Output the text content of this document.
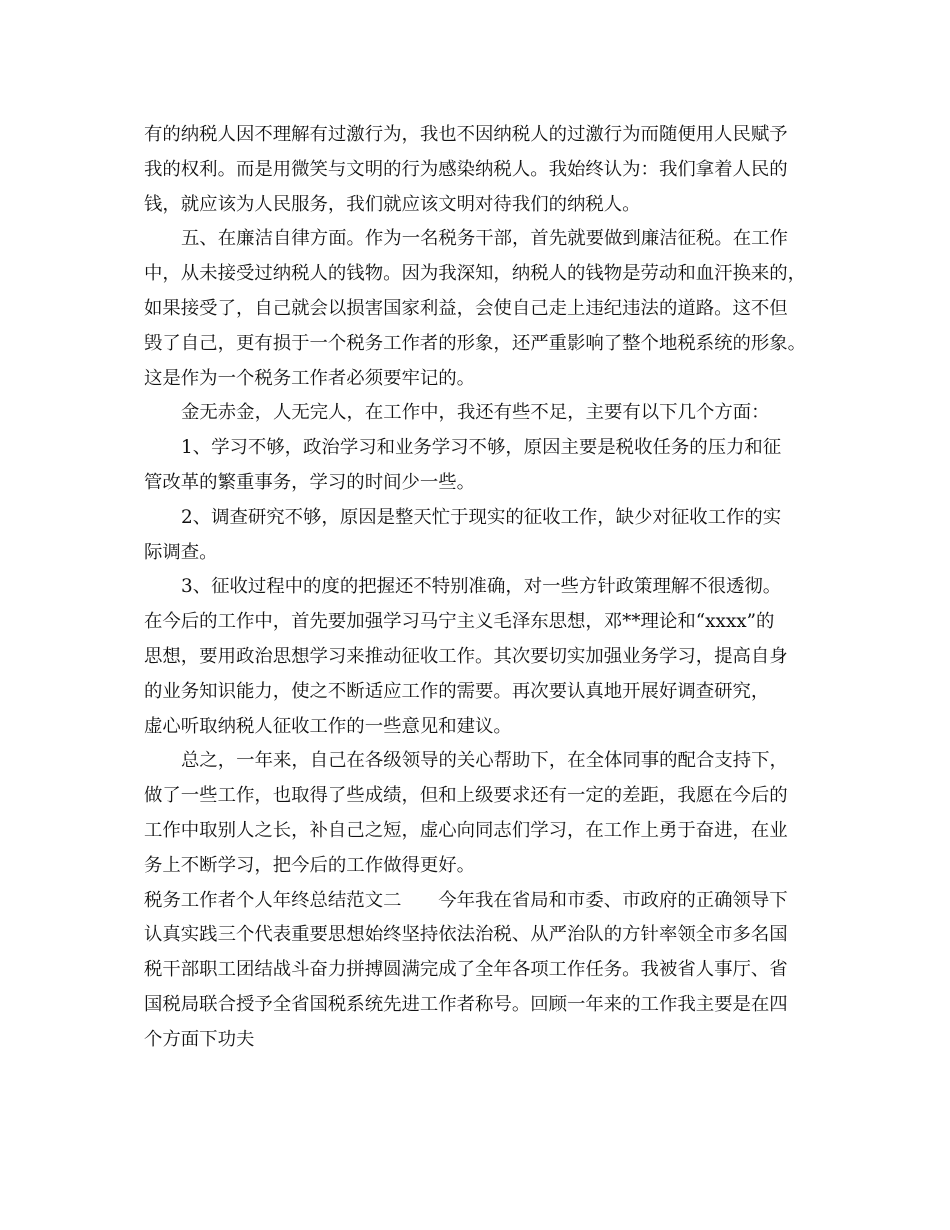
有的纳税人因不理解有过激行为，我也不因纳税人的过激行为而随便用人民赋予
我的权利。而是用微笑与文明的行为感染纳税人。我始终认为：我们拿着人民的
钱，就应该为人民服务，我们就应该文明对待我们的纳税人。
五、在廉洁自律方面。作为一名税务干部，首先就要做到廉洁征税。在工作
中，从未接受过纳税人的钱物。因为我深知，纳税人的钱物是劳动和血汗换来的，
如果接受了，自己就会以损害国家利益，会使自己走上违纪违法的道路。这不但
毁了自己，更有损于一个税务工作者的形象，还严重影响了整个地税系统的形象。
这是作为一个税务工作者必须要牢记的。
金无赤金，人无完人，在工作中，我还有些不足，主要有以下几个方面：
1、学习不够，政治学习和业务学习不够，原因主要是税收任务的压力和征
管改革的繁重事务，学习的时间少一些。
2、调查研究不够，原因是整天忙于现实的征收工作，缺少对征收工作的实
际调查。
3、征收过程中的度的把握还不特别准确，对一些方针政策理解不很透彻。
在今后的工作中，首先要加强学习马宁主义毛泽东思想，邓**理论和“xxxx”的
思想，要用政治思想学习来推动征收工作。其次要切实加强业务学习，提高自身
的业务知识能力，使之不断适应工作的需要。再次要认真地开展好调查研究，
虚心听取纳税人征收工作的一些意见和建议。
总之，一年来，自己在各级领导的关心帮助下，在全体同事的配合支持下，
做了一些工作，也取得了些成绩，但和上级要求还有一定的差距，我愿在今后的
工作中取别人之长，补自己之短，虚心向同志们学习，在工作上勇于奋进，在业
务上不断学习，把今后的工作做得更好。
税务工作者个人年终总结范文二　　今年我在省局和市委、市政府的正确领导下
认真实践三个代表重要思想始终坚持依法治税、从严治队的方针率领全市多名国
税干部职工团结战斗奋力拼搏圆满完成了全年各项工作任务。我被省人事厅、省
国税局联合授予全省国税系统先进工作者称号。回顾一年来的工作我主要是在四
个方面下功夫
